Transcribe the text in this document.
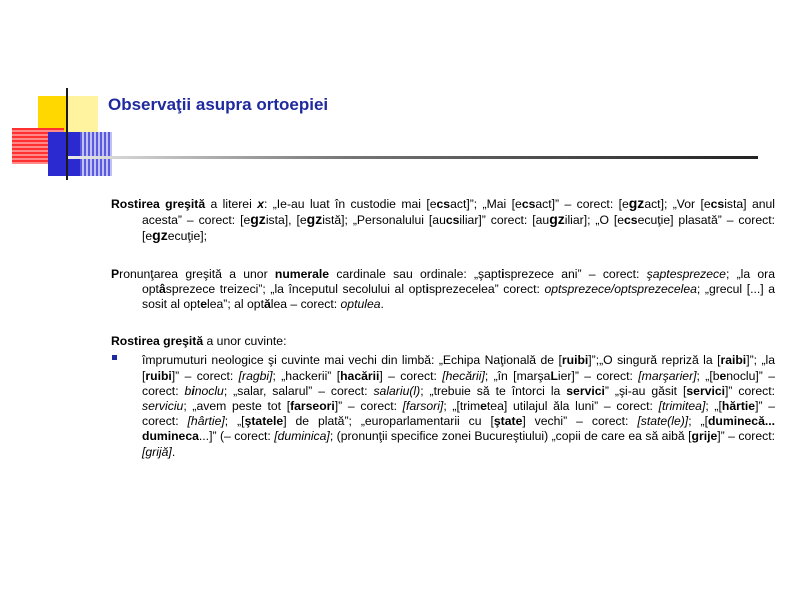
Observaţii asupra ortoepiei

Rostirea greşită a literei x: „Ie-au luat în custodie mai [ecsact]”; „Mai [ecsact]” – corect: [egzact]; „Vor [ecsista] anul acesta” – corect: [egzista], [egzistă]; „Personalului [aucsiliar]” corect: [augziliar]; „O [ecsecuţie] plasată” – corect: [egzecuţie];

Pronunţarea greşită a unor numerale cardinale sau ordinale: „şaptisprezece ani” – corect: şaptesprezece; „la ora optâsprezece treizeci”; „la începutul secolului al optisprezecelea” corect: optsprezece/optsprezecelea; „grecul [...] a sosit al optelea”; al optălea – corect: optulea.

Rostirea greşită a unor cuvinte:

împrumuturi neologice şi cuvinte mai vechi din limbă: „Echipa Naţională de [ruibi]”;„O singură repriză la [raibi]”; „la [ruibi]” – corect: [ragbi]; „hackerii” [hacării] – corect: [hecării]; „în [marşaLier]” – corect: [marşarier]; „[benoclu]” – corect: binoclu; „salar, salarul” – corect: salariu(l); „trebuie să te întorci la servici” „şi-au găsit [servici]” corect: serviciu; „avem peste tot [farseori]” – corect: [farsori]; „[trimetea] utilajul ăla luni” – corect: [trimitea]; „[hărtie]” – corect: [hârtie]; „[ştatele] de plată”; „europarlamentarii cu [ştate] vechi” – corect: [state(le)]; „[duminecă... dumineca...]” (– corect: [duminica]; (pronunţii specifice zonei Bucureştiului) „copii de care ea să aibă [grije]” – corect: [grijă].
